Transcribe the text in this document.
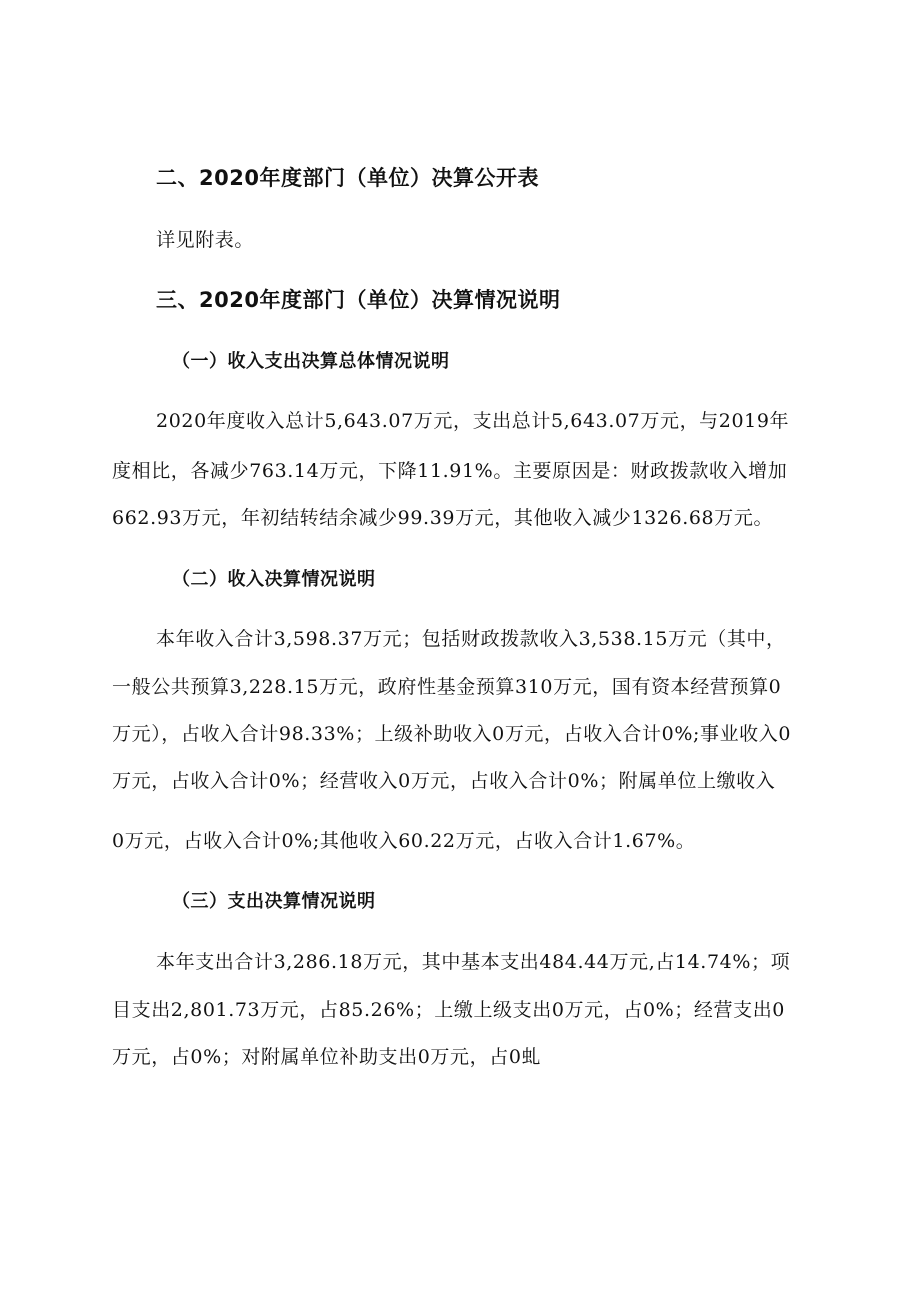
二、2020年度部门（单位）决算公开表

详见附表。

三、2020年度部门（单位）决算情况说明
（一）收入支出决算总体情况说明

2020年度收入总计5,643.07万元，支出总计5,643.07万元，与2019年

度相比，各减少763.14万元，下降11.91%。主要原因是：财政拨款收入增加

662.93万元，年初结转结余减少99.39万元，其他收入减少1326.68万元。

（二）收入决算情况说明

本年收入合计3,598.37万元；包括财政拨款收入3,538.15万元（其中，

一般公共预算3,228.15万元，政府性基金预算310万元，国有资本经营预算0

万元），占收入合计98.33%；上级补助收入0万元，占收入合计0%;事业收入0

万元，占收入合计0%；经营收入0万元，占收入合计0%；附属单位上缴收入

0万元，占收入合计0%;其他收入60.22万元，占收入合计1.67%。

（三）支出决算情况说明

本年支出合计3,286.18万元，其中基本支出484.44万元,占14.74%；项

目支出2,801.73万元，占85.26%；上缴上级支出0万元，占0%；经营支出0

万元，占0%；对附属单位补助支出0万元，占0虬
